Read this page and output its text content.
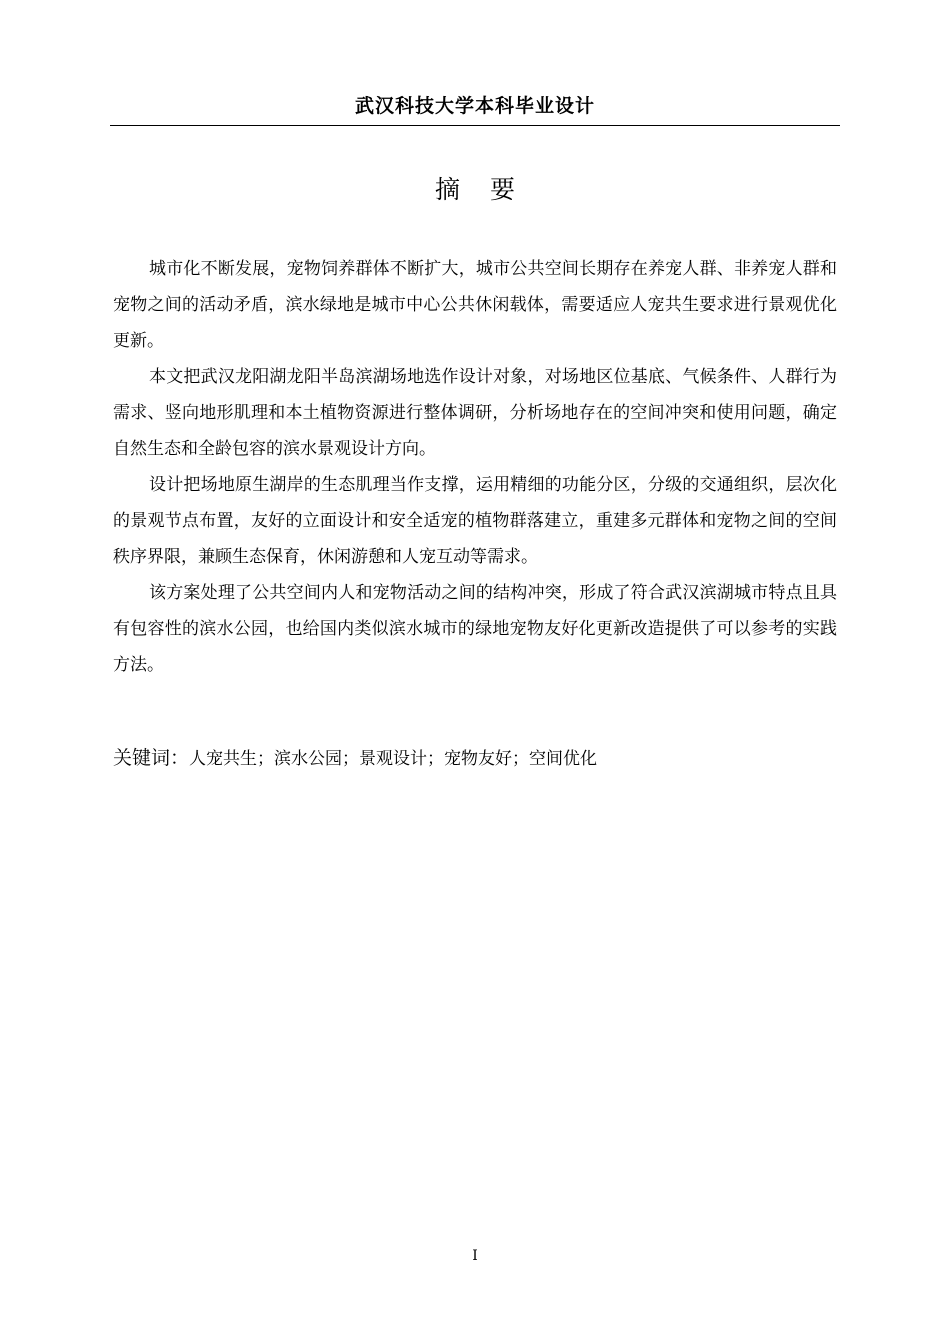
武汉科技大学本科毕业设计
摘要

城市化不断发展，宠物饲养群体不断扩大，城市公共空间长期存在养宠人群、非养宠人群和宠物之间的活动矛盾，滨水绿地是城市中心公共休闲载体，需要适应人宠共生要求进行景观优化更新。

本文把武汉龙阳湖龙阳半岛滨湖场地选作设计对象，对场地区位基底、气候条件、人群行为需求、竖向地形肌理和本土植物资源进行整体调研，分析场地存在的空间冲突和使用问题，确定自然生态和全龄包容的滨水景观设计方向。

设计把场地原生湖岸的生态肌理当作支撑，运用精细的功能分区，分级的交通组织，层次化的景观节点布置，友好的立面设计和安全适宠的植物群落建立，重建多元群体和宠物之间的空间秩序界限，兼顾生态保育，休闲游憩和人宠互动等需求。

该方案处理了公共空间内人和宠物活动之间的结构冲突，形成了符合武汉滨湖城市特点且具有包容性的滨水公园，也给国内类似滨水城市的绿地宠物友好化更新改造提供了可以参考的实践方法。

关键词：人宠共生；滨水公园；景观设计；宠物友好；空间优化
I
